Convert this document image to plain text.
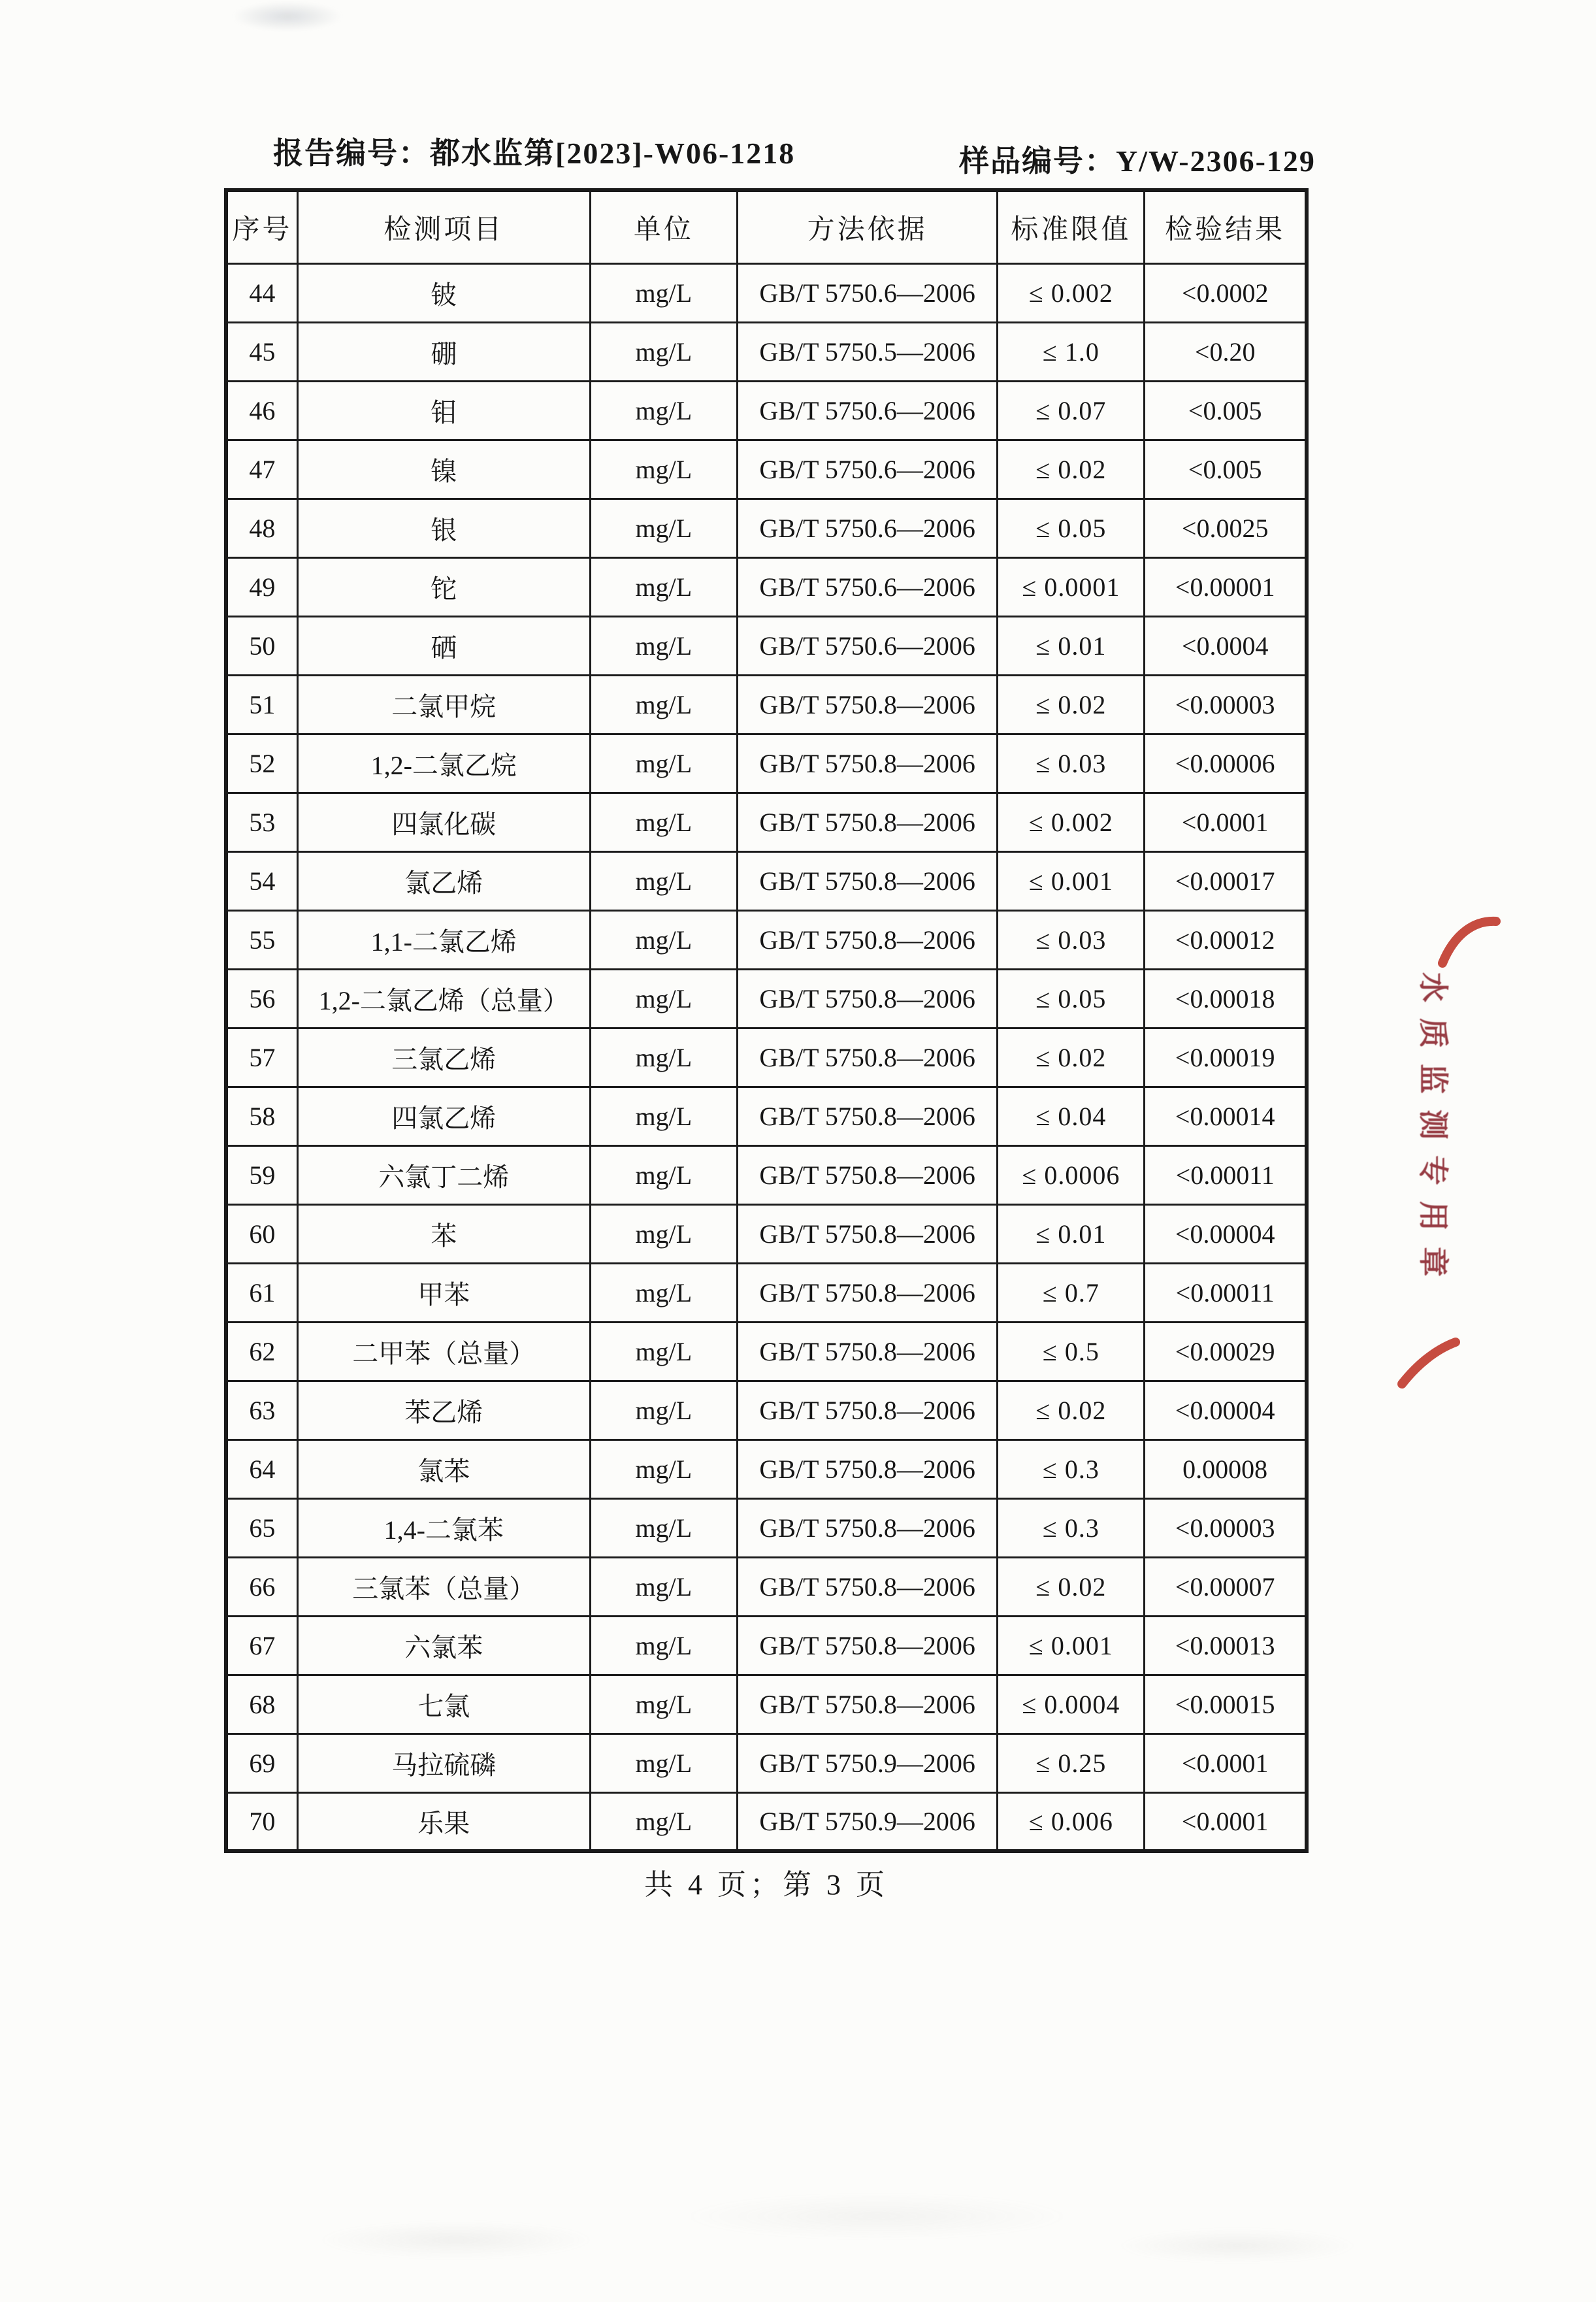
报告编号：都水监第[2023]-W06-1218	样品编号：Y/W-2306-129
序号	检测项目	单位	方法依据	标准限值	检验结果
44	铍	mg/L	GB/T 5750.6—2006	≤ 0.002	<0.0002
45	硼	mg/L	GB/T 5750.5—2006	≤ 1.0	<0.20
46	钼	mg/L	GB/T 5750.6—2006	≤ 0.07	<0.005
47	镍	mg/L	GB/T 5750.6—2006	≤ 0.02	<0.005
48	银	mg/L	GB/T 5750.6—2006	≤ 0.05	<0.0025
49	铊	mg/L	GB/T 5750.6—2006	≤ 0.0001	<0.00001
50	硒	mg/L	GB/T 5750.6—2006	≤ 0.01	<0.0004
51	二氯甲烷	mg/L	GB/T 5750.8—2006	≤ 0.02	<0.00003
52	1,2-二氯乙烷	mg/L	GB/T 5750.8—2006	≤ 0.03	<0.00006
53	四氯化碳	mg/L	GB/T 5750.8—2006	≤ 0.002	<0.0001
54	氯乙烯	mg/L	GB/T 5750.8—2006	≤ 0.001	<0.00017
55	1,1-二氯乙烯	mg/L	GB/T 5750.8—2006	≤ 0.03	<0.00012
56	1,2-二氯乙烯（总量）	mg/L	GB/T 5750.8—2006	≤ 0.05	<0.00018
57	三氯乙烯	mg/L	GB/T 5750.8—2006	≤ 0.02	<0.00019
58	四氯乙烯	mg/L	GB/T 5750.8—2006	≤ 0.04	<0.00014
59	六氯丁二烯	mg/L	GB/T 5750.8—2006	≤ 0.0006	<0.00011
60	苯	mg/L	GB/T 5750.8—2006	≤ 0.01	<0.00004
61	甲苯	mg/L	GB/T 5750.8—2006	≤ 0.7	<0.00011
62	二甲苯（总量）	mg/L	GB/T 5750.8—2006	≤ 0.5	<0.00029
63	苯乙烯	mg/L	GB/T 5750.8—2006	≤ 0.02	<0.00004
64	氯苯	mg/L	GB/T 5750.8—2006	≤ 0.3	0.00008
65	1,4-二氯苯	mg/L	GB/T 5750.8—2006	≤ 0.3	<0.00003
66	三氯苯（总量）	mg/L	GB/T 5750.8—2006	≤ 0.02	<0.00007
67	六氯苯	mg/L	GB/T 5750.8—2006	≤ 0.001	<0.00013
68	七氯	mg/L	GB/T 5750.8—2006	≤ 0.0004	<0.00015
69	马拉硫磷	mg/L	GB/T 5750.9—2006	≤ 0.25	<0.0001
70	乐果	mg/L	GB/T 5750.9—2006	≤ 0.006	<0.0001
共 4 页；第 3 页
水质监测专用章
